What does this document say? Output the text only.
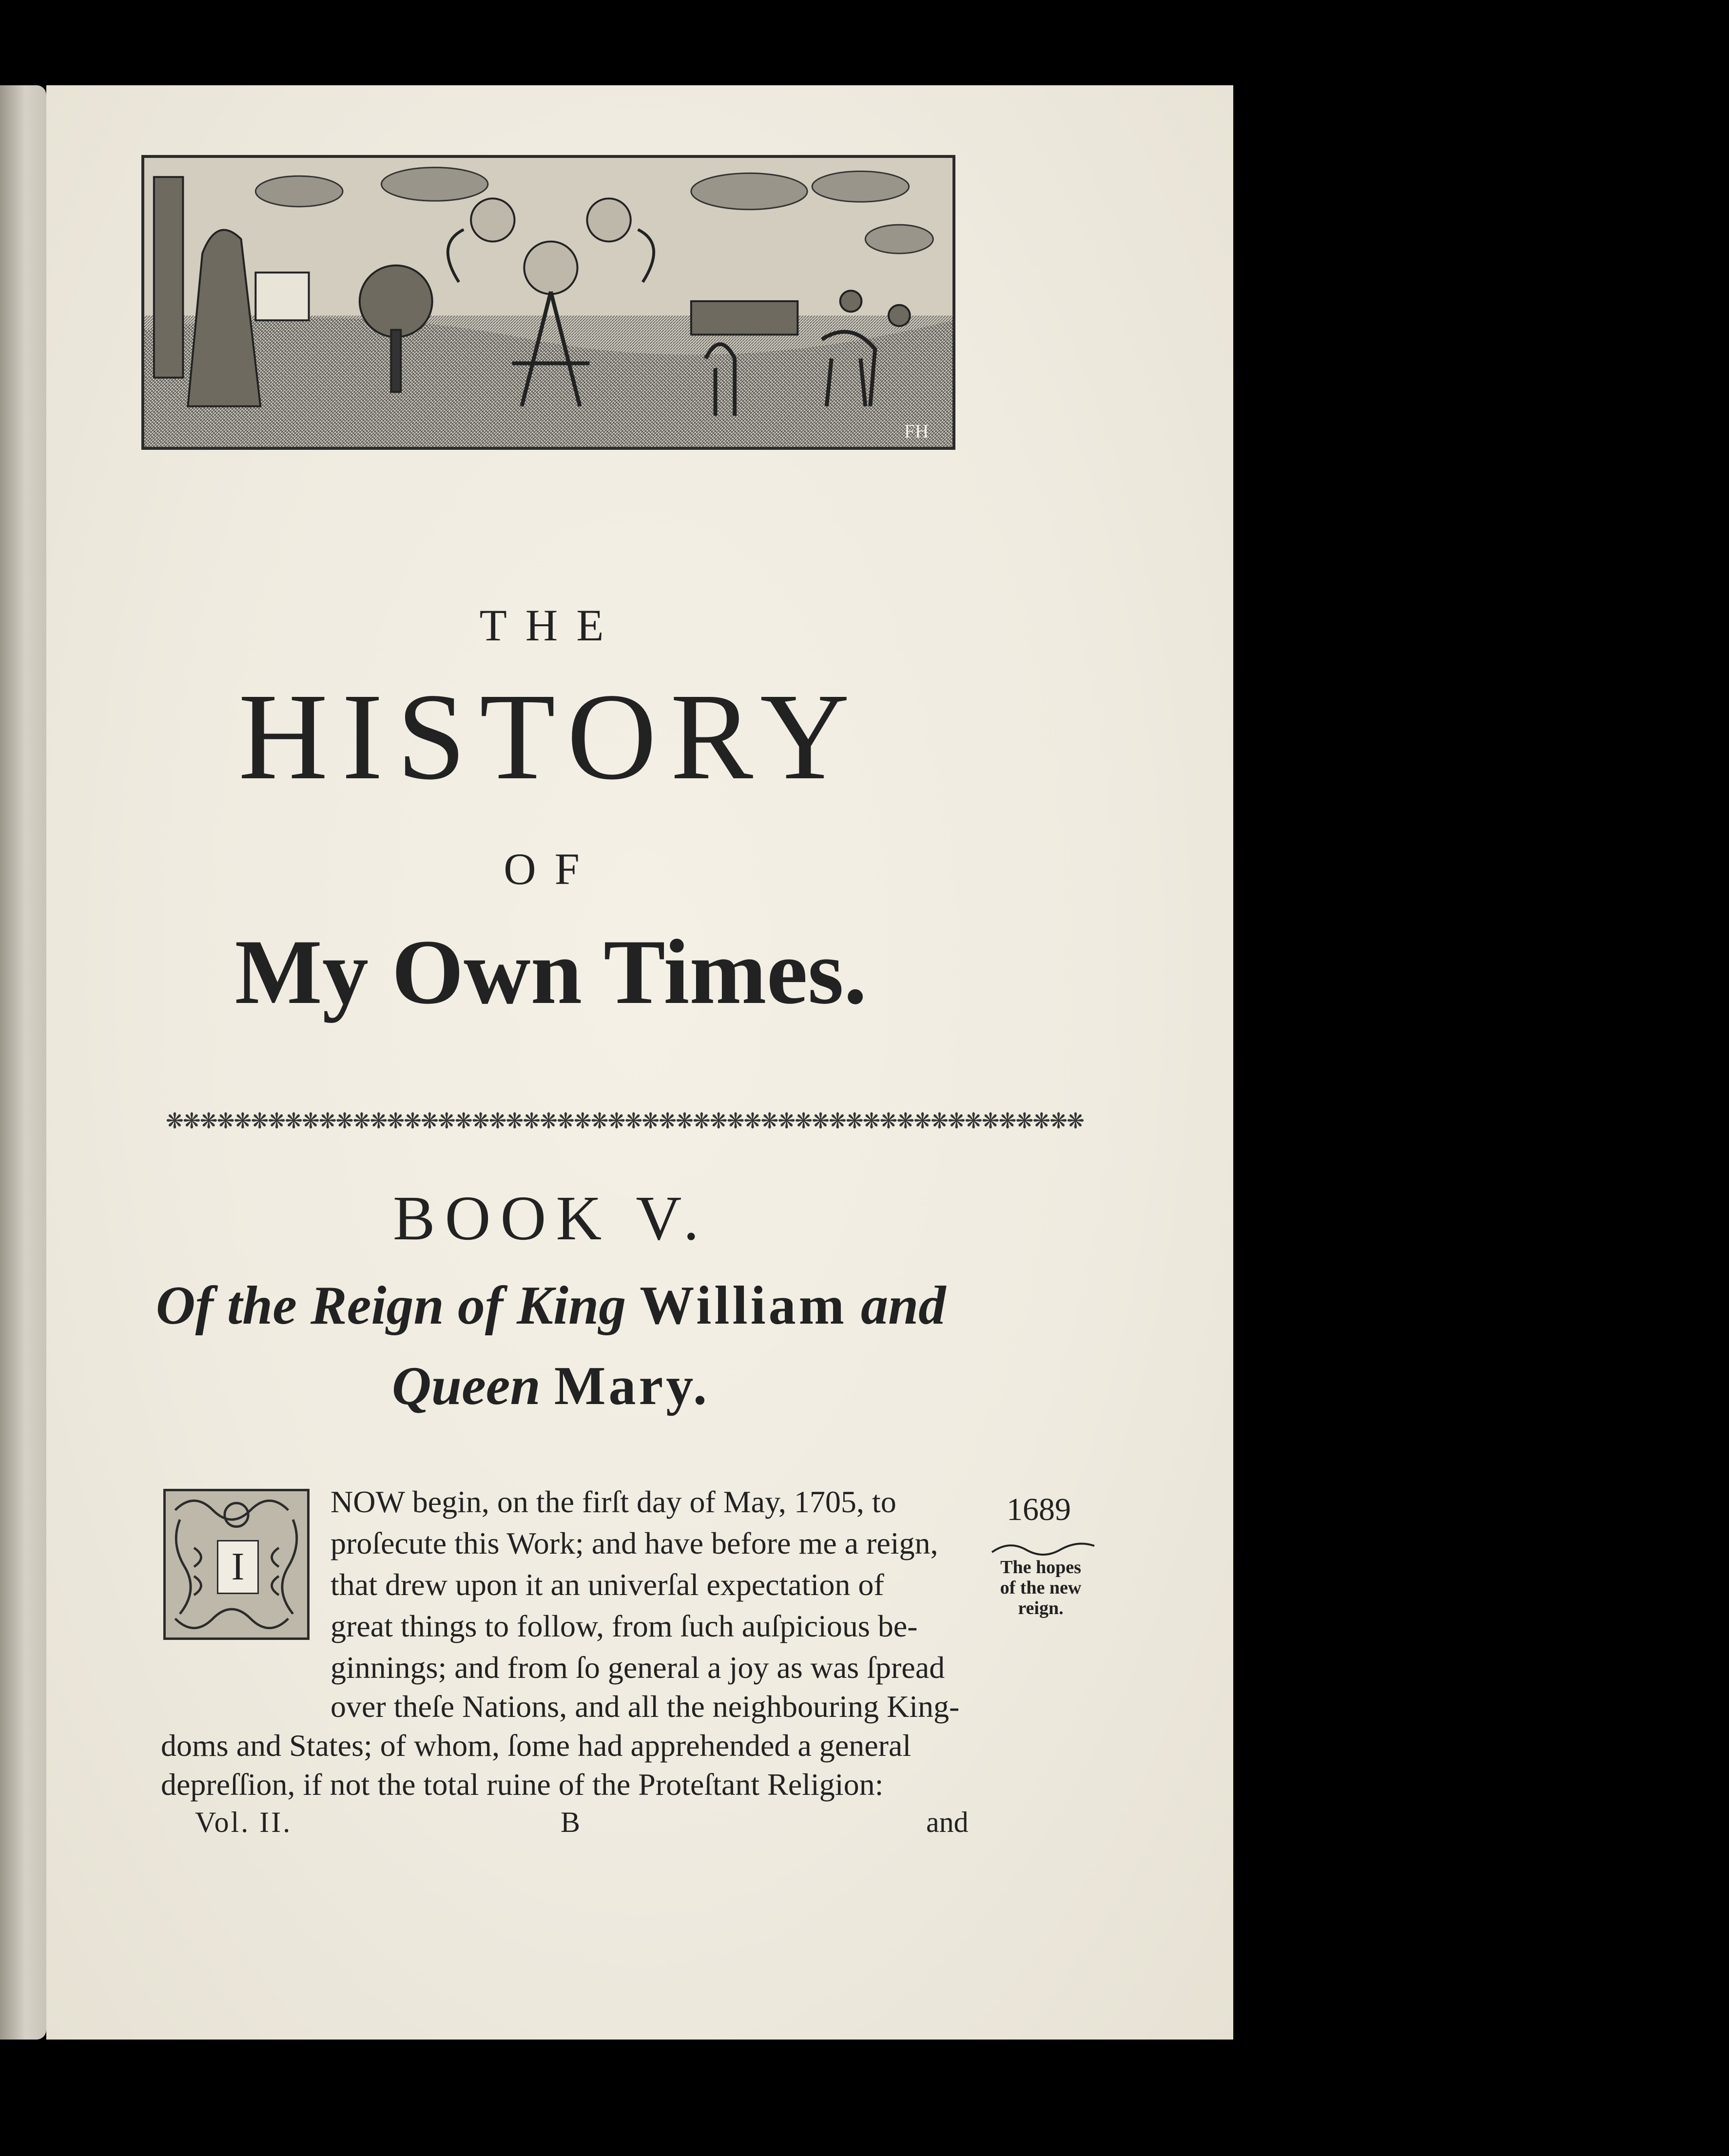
FH
THE
HISTORY
OF
My Own Times.
❋❋❋❋❋❋❋❋❋❋❋❋❋❋❋❋❋❋❋❋❋❋❋❋❋❋❋❋❋❋❋❋❋❋❋❋❋❋❋❋❋❋❋❋❋❋❋❋❋❋❋❋❋❋
BOOK V.
Of the Reign of King William and
Queen Mary.
I
NOW begin, on the firſt day of May, 1705, to
proſecute this Work; and have before me a reign,
that drew upon it an univerſal expectation of
great things to follow, from ſuch auſpicious be-
ginnings; and from ſo general a joy as was ſpread
over theſe Nations, and all the neighbouring King-
doms and States; of whom, ſome had apprehended a general
depreſſion, if not the total ruine of the Proteſtant Religion:
1689
The hopes
of the new
reign.
Vol. II.	B	and
